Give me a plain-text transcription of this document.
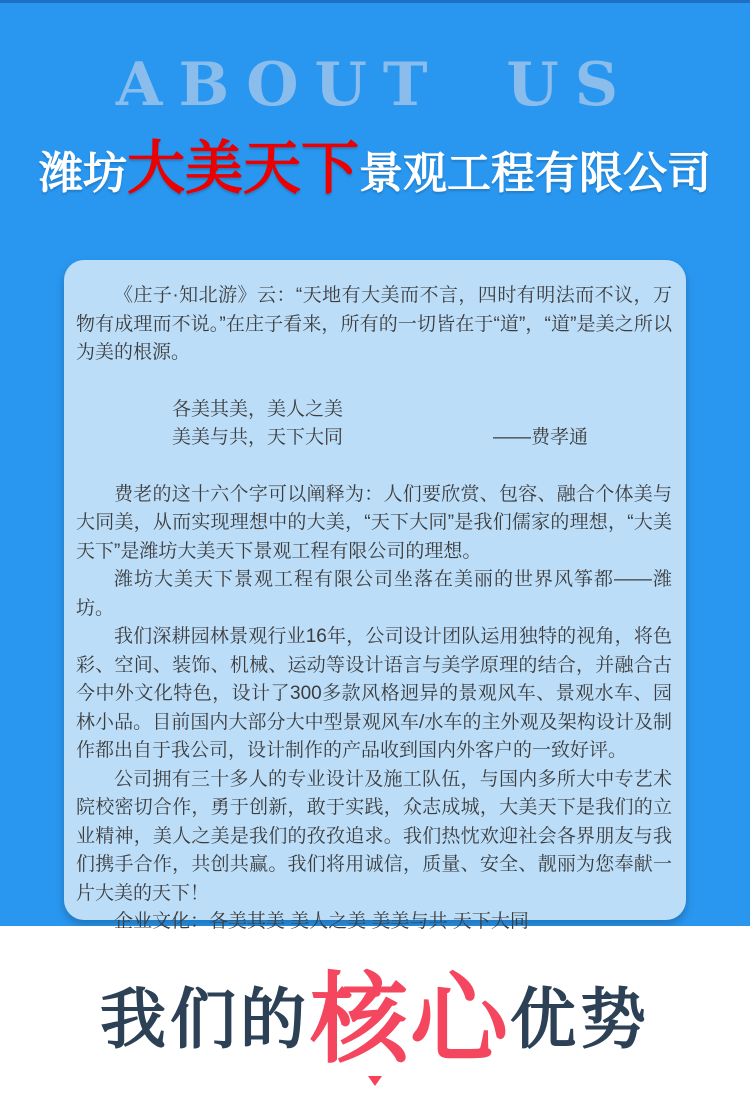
ABOUT US
潍坊大美天下景观工程有限公司

《庄子·知北游》云：“天地有大美而不言，四时有明法而不议，万物有成理而不说。”在庄子看来，所有的一切皆在于“道”，“道”是美之所以为美的根源。

各美其美，美人之美
美美与共，天下大同	——费孝通

费老的这十六个字可以阐释为：人们要欣赏、包容、融合个体美与大同美，从而实现理想中的大美，“天下大同”是我们儒家的理想，“大美天下”是潍坊大美天下景观工程有限公司的理想。

潍坊大美天下景观工程有限公司坐落在美丽的世界风筝都——潍坊。

我们深耕园林景观行业16年，公司设计团队运用独特的视角，将色彩、空间、装饰、机械、运动等设计语言与美学原理的结合，并融合古今中外文化特色，设计了300多款风格迥异的景观风车、景观水车、园林小品。目前国内大部分大中型景观风车/水车的主外观及架构设计及制作都出自于我公司，设计制作的产品收到国内外客户的一致好评。

公司拥有三十多人的专业设计及施工队伍，与国内多所大中专艺术院校密切合作，勇于创新，敢于实践，众志成城，大美天下是我们的立业精神，美人之美是我们的孜孜追求。我们热忱欢迎社会各界朋友与我们携手合作，共创共赢。我们将用诚信，质量、安全、靓丽为您奉献一片大美的天下！

企业文化：各美其美 美人之美 美美与共 天下大同

我们的核心优势
